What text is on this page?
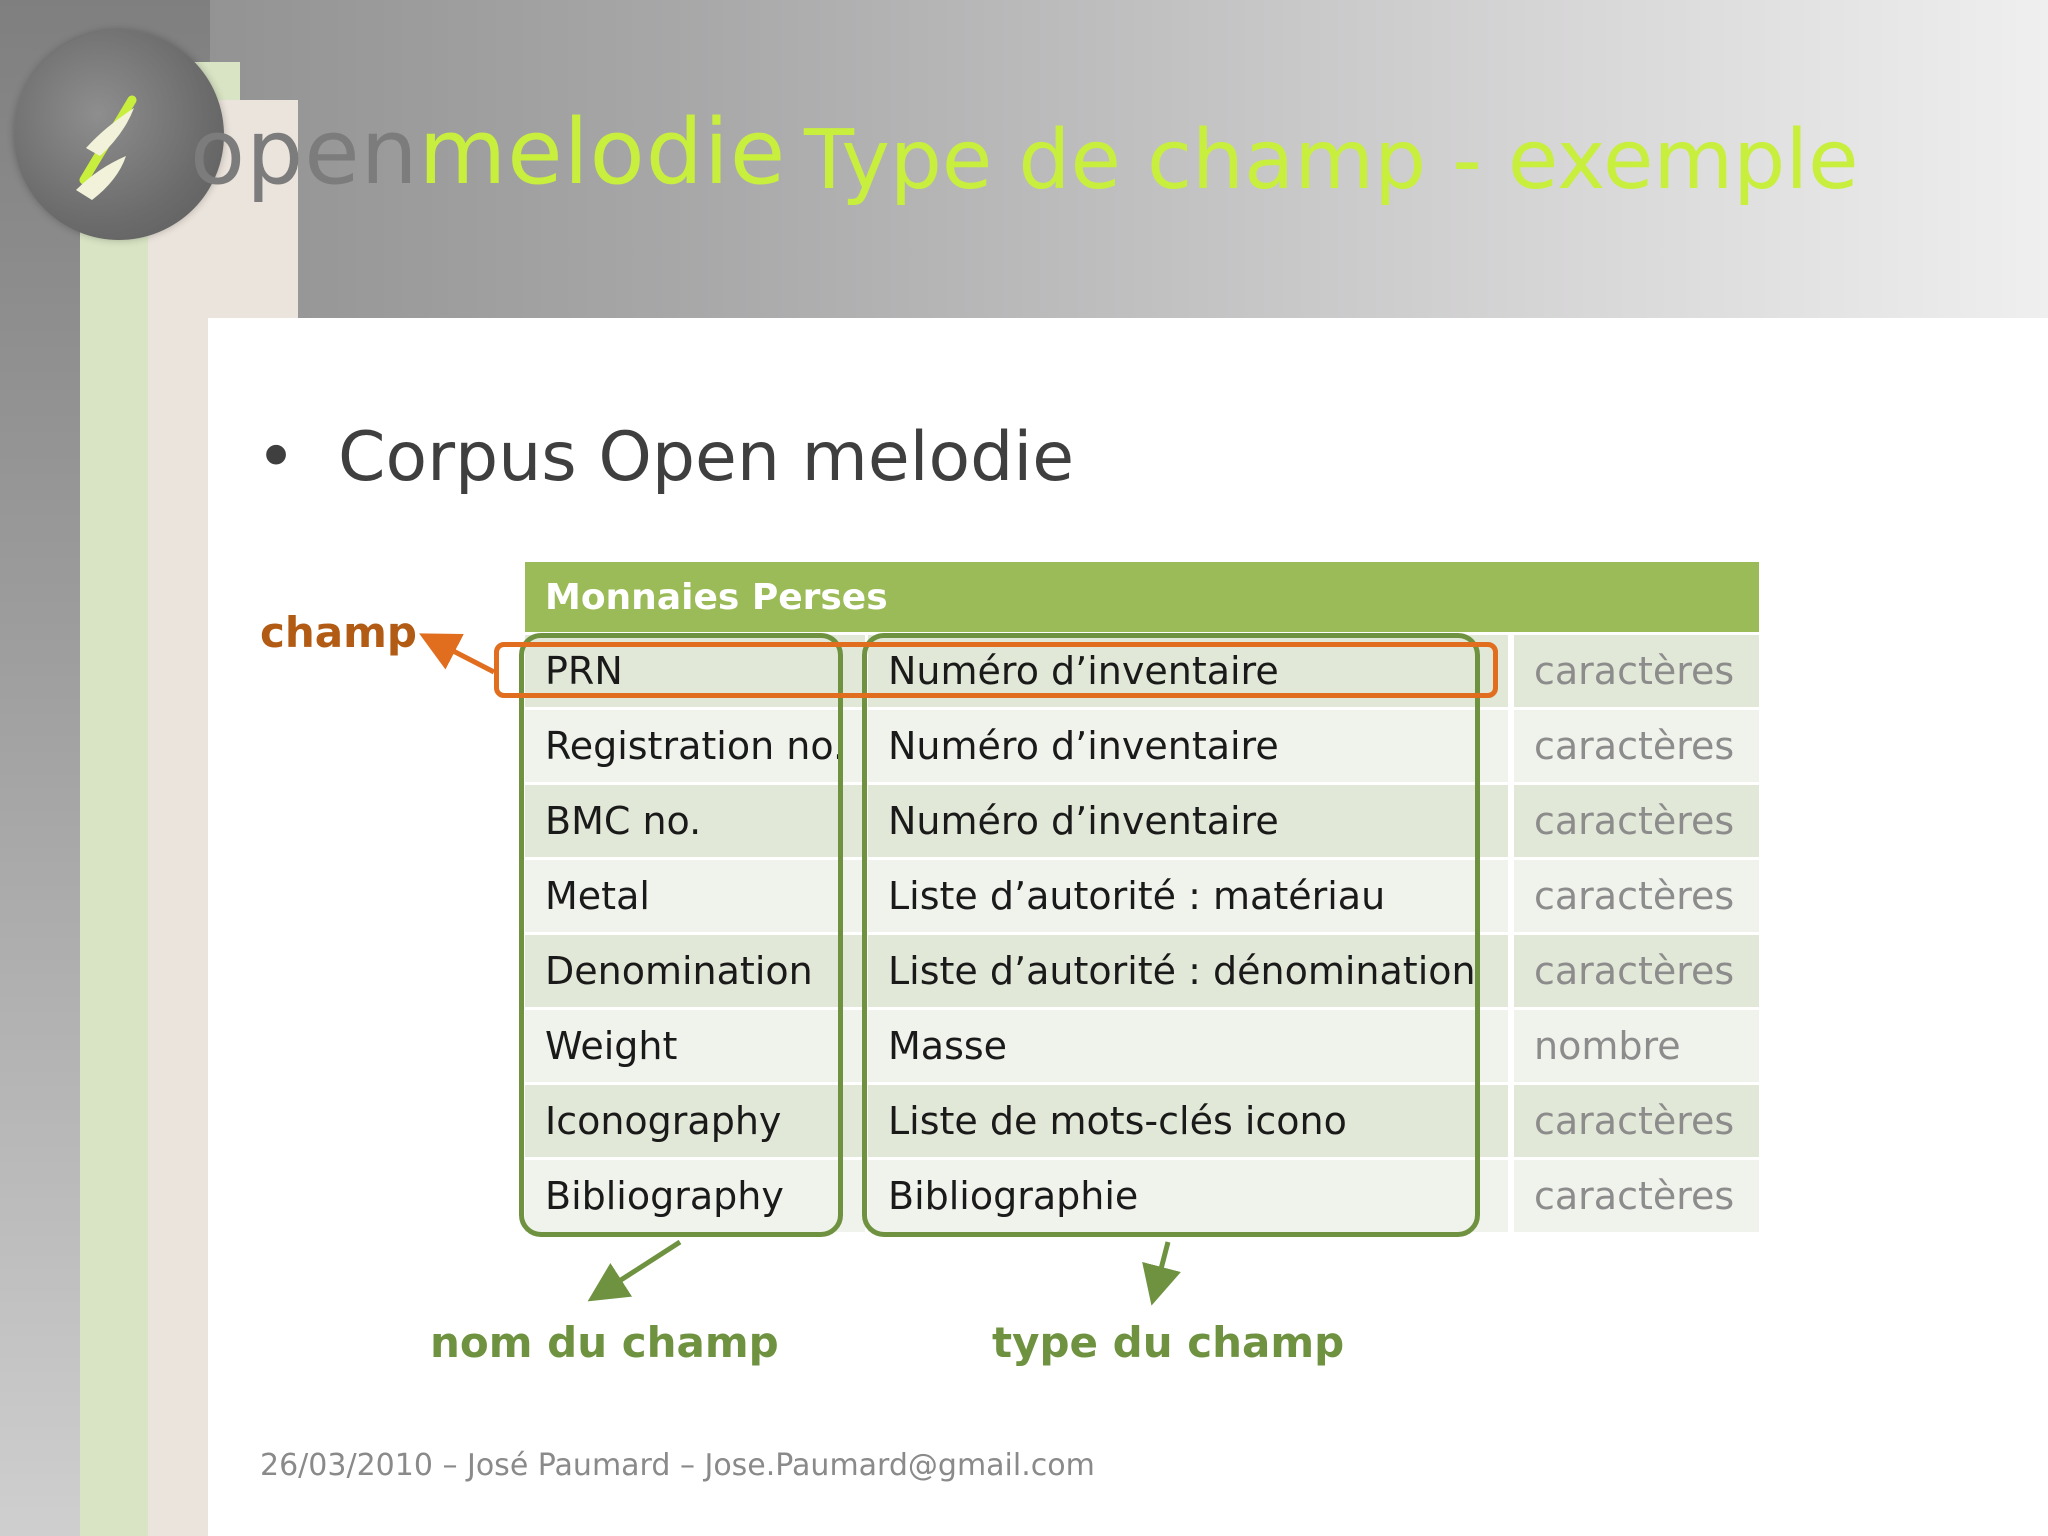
openmelodie Type de champ - exemple
• Corpus Open melodie
Monnaies Perses		
PRN	Numéro d’inventaire	caractères
Registration no.	Numéro d’inventaire	caractères
BMC no.	Numéro d’inventaire	caractères
Metal	Liste d’autorité : matériau	caractères
Denomination	Liste d’autorité : dénomination	caractères
Weight	Masse	nombre
Iconography	Liste de mots-clés icono	caractères
Bibliography	Bibliographie	caractères
champ
nom du champ	type du champ
26/03/2010 – José Paumard – Jose.Paumard@gmail.com
